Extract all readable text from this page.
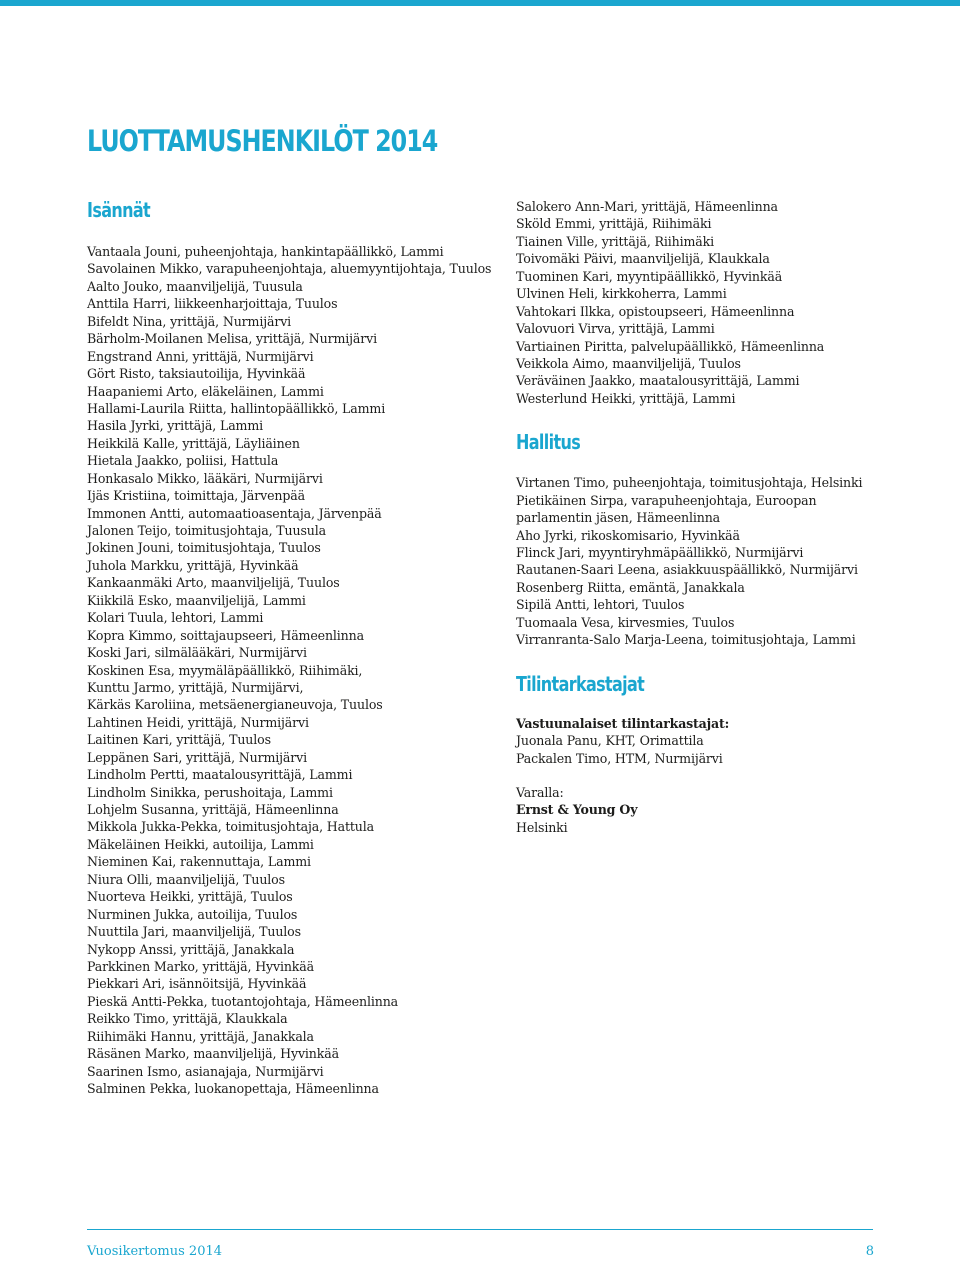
LUOTTAMUSHENKILÖT 2014
Isännät
Vantaala Jouni, puheenjohtaja, hankintapäällikkö, Lammi
Savolainen Mikko, varapuheenjohtaja, aluemyyntijohtaja, Tuulos
Aalto Jouko, maanviljelijä, Tuusula
Anttila Harri, liikkeenharjoittaja, Tuulos
Bifeldt Nina, yrittäjä, Nurmijärvi
Bärholm-Moilanen Melisa, yrittäjä, Nurmijärvi
Engstrand Anni, yrittäjä, Nurmijärvi
Gört Risto, taksiautoilija, Hyvinkää
Haapaniemi Arto, eläkeläinen, Lammi
Hallami-Laurila Riitta, hallintopäällikkö, Lammi
Hasila Jyrki, yrittäjä, Lammi
Heikkilä Kalle, yrittäjä, Läyliäinen
Hietala Jaakko, poliisi, Hattula
Honkasalo Mikko, lääkäri, Nurmijärvi
Ijäs Kristiina, toimittaja, Järvenpää
Immonen Antti, automaatioasentaja, Järvenpää
Jalonen Teijo, toimitusjohtaja, Tuusula
Jokinen Jouni, toimitusjohtaja, Tuulos
Juhola Markku, yrittäjä, Hyvinkää
Kankaanmäki Arto, maanviljelijä, Tuulos
Kiikkilä Esko, maanviljelijä, Lammi
Kolari Tuula, lehtori, Lammi
Kopra Kimmo, soittajaupseeri, Hämeenlinna
Koski Jari, silmälääkäri, Nurmijärvi
Koskinen Esa, myymäläpäällikkö, Riihimäki,
Kunttu Jarmo, yrittäjä, Nurmijärvi,
Kärkäs Karoliina, metsäenergianeuvoja, Tuulos
Lahtinen Heidi, yrittäjä, Nurmijärvi
Laitinen Kari, yrittäjä, Tuulos
Leppänen Sari, yrittäjä, Nurmijärvi
Lindholm Pertti, maatalousyrittäjä, Lammi
Lindholm Sinikka, perushoitaja, Lammi
Lohjelm Susanna, yrittäjä, Hämeenlinna
Mikkola Jukka-Pekka, toimitusjohtaja, Hattula
Mäkeläinen Heikki, autoilija, Lammi
Nieminen Kai, rakennuttaja, Lammi
Niura Olli, maanviljelijä, Tuulos
Nuorteva Heikki, yrittäjä, Tuulos
Nurminen Jukka, autoilija, Tuulos
Nuuttila Jari, maanviljelijä, Tuulos
Nykopp Anssi, yrittäjä, Janakkala
Parkkinen Marko, yrittäjä, Hyvinkää
Piekkari Ari, isännöitsijä, Hyvinkää
Pieskä Antti-Pekka, tuotantojohtaja, Hämeenlinna
Reikko Timo, yrittäjä, Klaukkala
Riihimäki Hannu, yrittäjä, Janakkala
Räsänen Marko, maanviljelijä, Hyvinkää
Saarinen Ismo, asianajaja, Nurmijärvi
Salminen Pekka, luokanopettaja, Hämeenlinna
Salokero Ann-Mari, yrittäjä, Hämeenlinna
Sköld Emmi, yrittäjä, Riihimäki
Tiainen Ville, yrittäjä, Riihimäki
Toivomäki Päivi, maanviljelijä, Klaukkala
Tuominen Kari, myyntipäällikkö, Hyvinkää
Ulvinen Heli, kirkkoherra, Lammi
Vahtokari Ilkka, opistoupseeri, Hämeenlinna
Valovuori Virva, yrittäjä, Lammi
Vartiainen Piritta, palvelupäällikkö, Hämeenlinna
Veikkola Aimo, maanviljelijä, Tuulos
Veräväinen Jaakko, maatalousyrittäjä, Lammi
Westerlund Heikki, yrittäjä, Lammi
Hallitus
Virtanen Timo, puheenjohtaja, toimitusjohtaja, Helsinki
Pietikäinen Sirpa, varapuheenjohtaja, Euroopan
parlamentin jäsen, Hämeenlinna
Aho Jyrki, rikoskomisario, Hyvinkää
Flinck Jari, myyntiryhmäpäällikkö, Nurmijärvi
Rautanen-Saari Leena, asiakkuuspäällikkö, Nurmijärvi
Rosenberg Riitta, emäntä, Janakkala
Sipilä Antti, lehtori, Tuulos
Tuomaala Vesa, kirvesmies, Tuulos
Virranranta-Salo Marja-Leena, toimitusjohtaja, Lammi
Tilintarkastajat
Vastuunalaiset tilintarkastajat:
Juonala Panu, KHT, Orimattila
Packalen Timo, HTM, Nurmijärvi
Varalla:
Ernst & Young Oy
Helsinki
Vuosikertomus 2014	8
